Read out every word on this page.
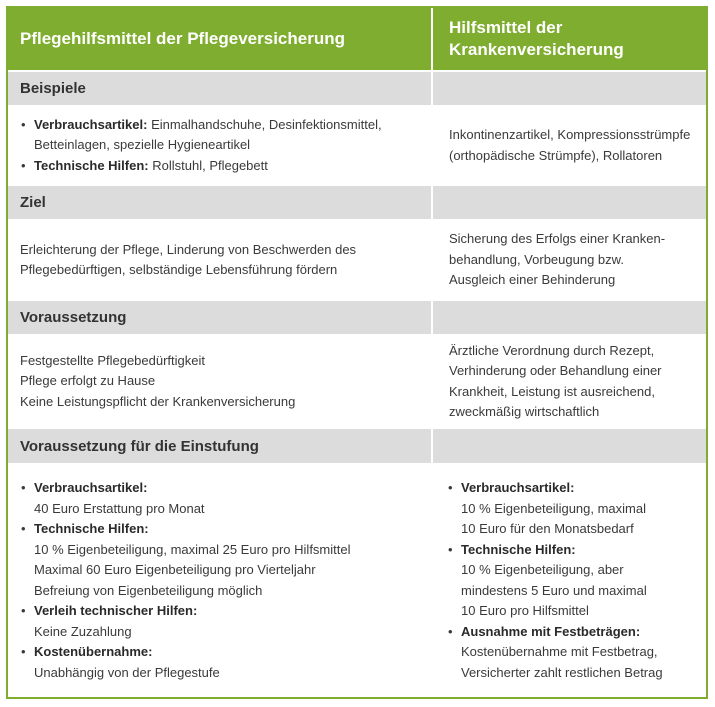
Pflegehilfsmittel der Pflegeversicherung
Hilfsmittel der Krankenversicherung
Beispiele
• Verbrauchsartikel: Einmalhandschuhe, Desinfektionsmittel, Betteinlagen, spezielle Hygieneartikel
• Technische Hilfen: Rollstuhl, Pflegebett
Inkontinenzartikel, Kompressionsstrümpfe (orthopädische Strümpfe), Rollatoren
Ziel
Erleichterung der Pflege, Linderung von Beschwerden des Pflegebedürftigen, selbständige Lebensführung fördern
Sicherung des Erfolgs einer Kranken-behandlung, Vorbeugung bzw. Ausgleich einer Behinderung
Voraussetzung
Festgestellte Pflegebedürftigkeit
Pflege erfolgt zu Hause
Keine Leistungspflicht der Krankenversicherung
Ärztliche Verordnung durch Rezept, Verhinderung oder Behandlung einer Krankheit, Leistung ist ausreichend, zweckmäßig wirtschaftlich
Voraussetzung für die Einstufung
• Verbrauchsartikel:
40 Euro Erstattung pro Monat
• Technische Hilfen:
10 % Eigenbeteiligung, maximal 25 Euro pro Hilfsmittel
Maximal 60 Euro Eigenbeteiligung pro Vierteljahr
Befreiung von Eigenbeteiligung möglich
• Verleih technischer Hilfen:
Keine Zuzahlung
• Kostenübernahme:
Unabhängig von der Pflegestufe
• Verbrauchsartikel:
10 % Eigenbeteiligung, maximal
10 Euro für den Monatsbedarf
• Technische Hilfen:
10 % Eigenbeteiligung, aber
mindestens 5 Euro und maximal
10 Euro pro Hilfsmittel
• Ausnahme mit Festbeträgen:
Kostenübernahme mit Festbetrag,
Versicherter zahlt restlichen Betrag
